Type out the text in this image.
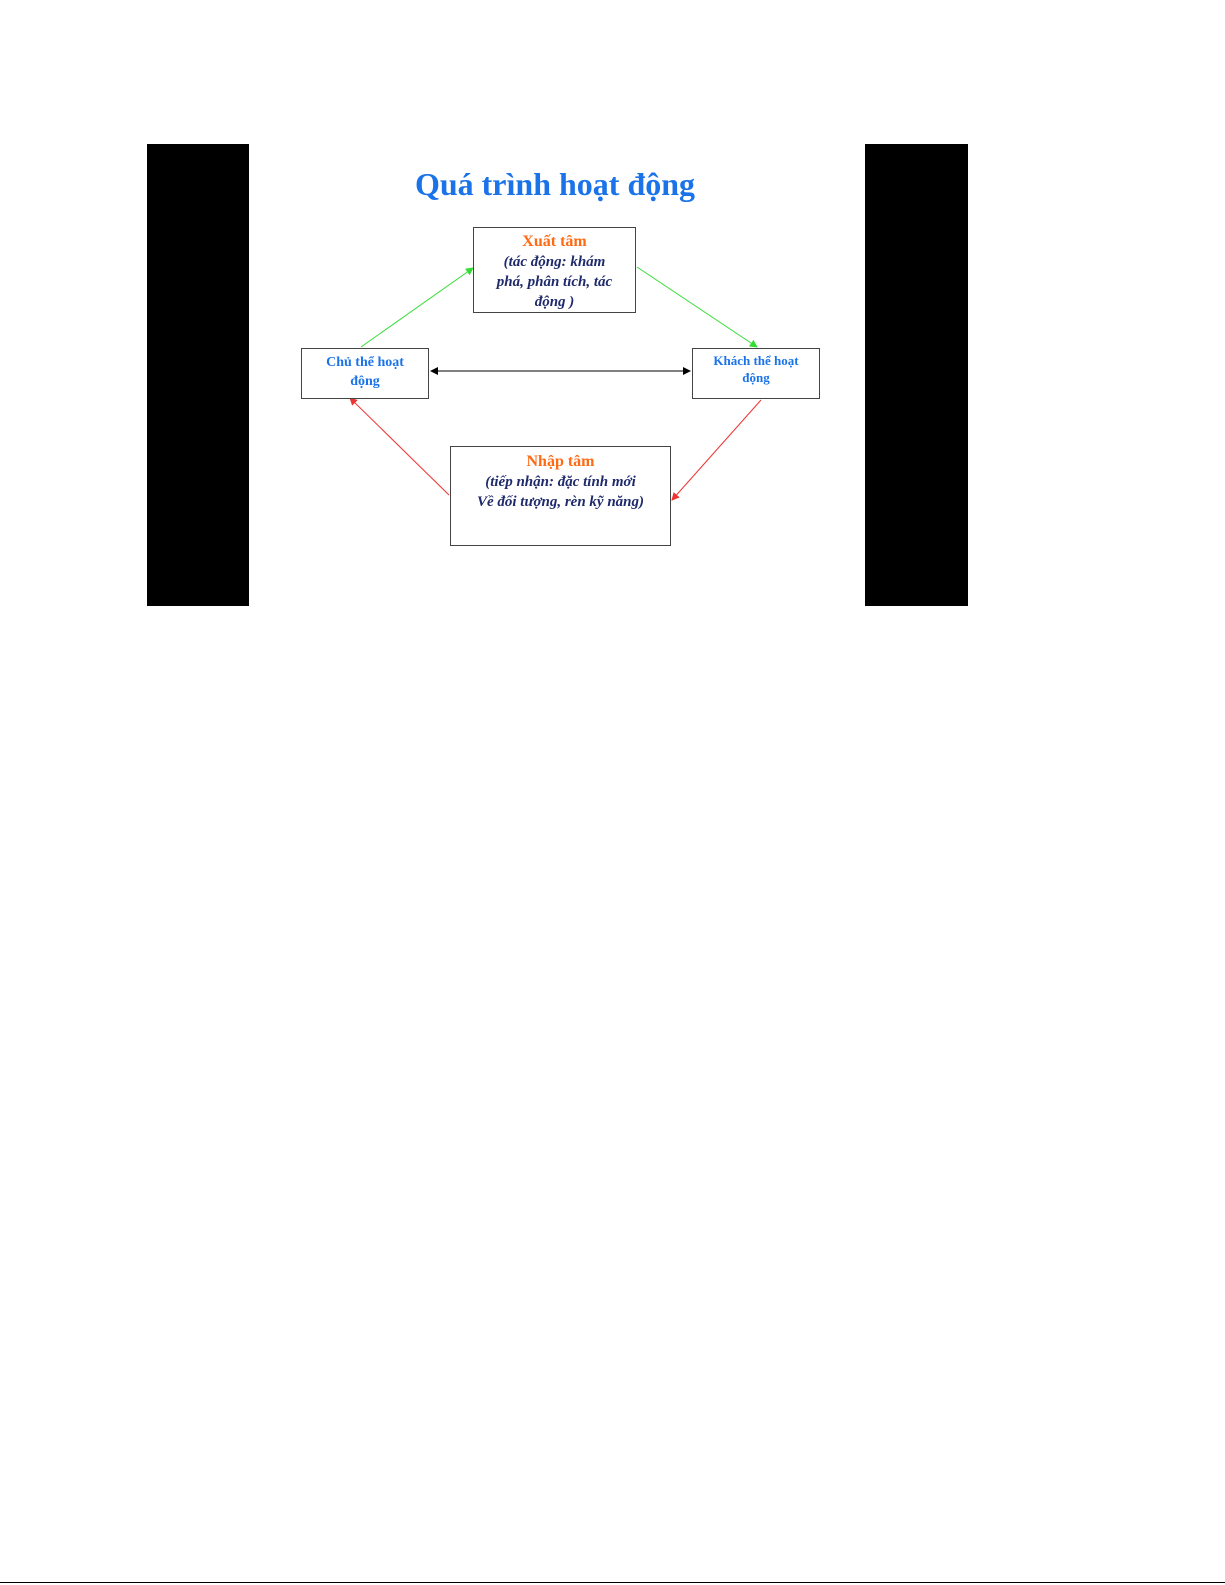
Quá trình hoạt động
Xuất tâm
(tác động: khám
phá, phân tích, tác
động )
Chủ thể hoạt
động
Khách thể hoạt
động
Nhập tâm
(tiếp nhận: đặc tính mới
Về đối tượng, rèn kỹ năng)
